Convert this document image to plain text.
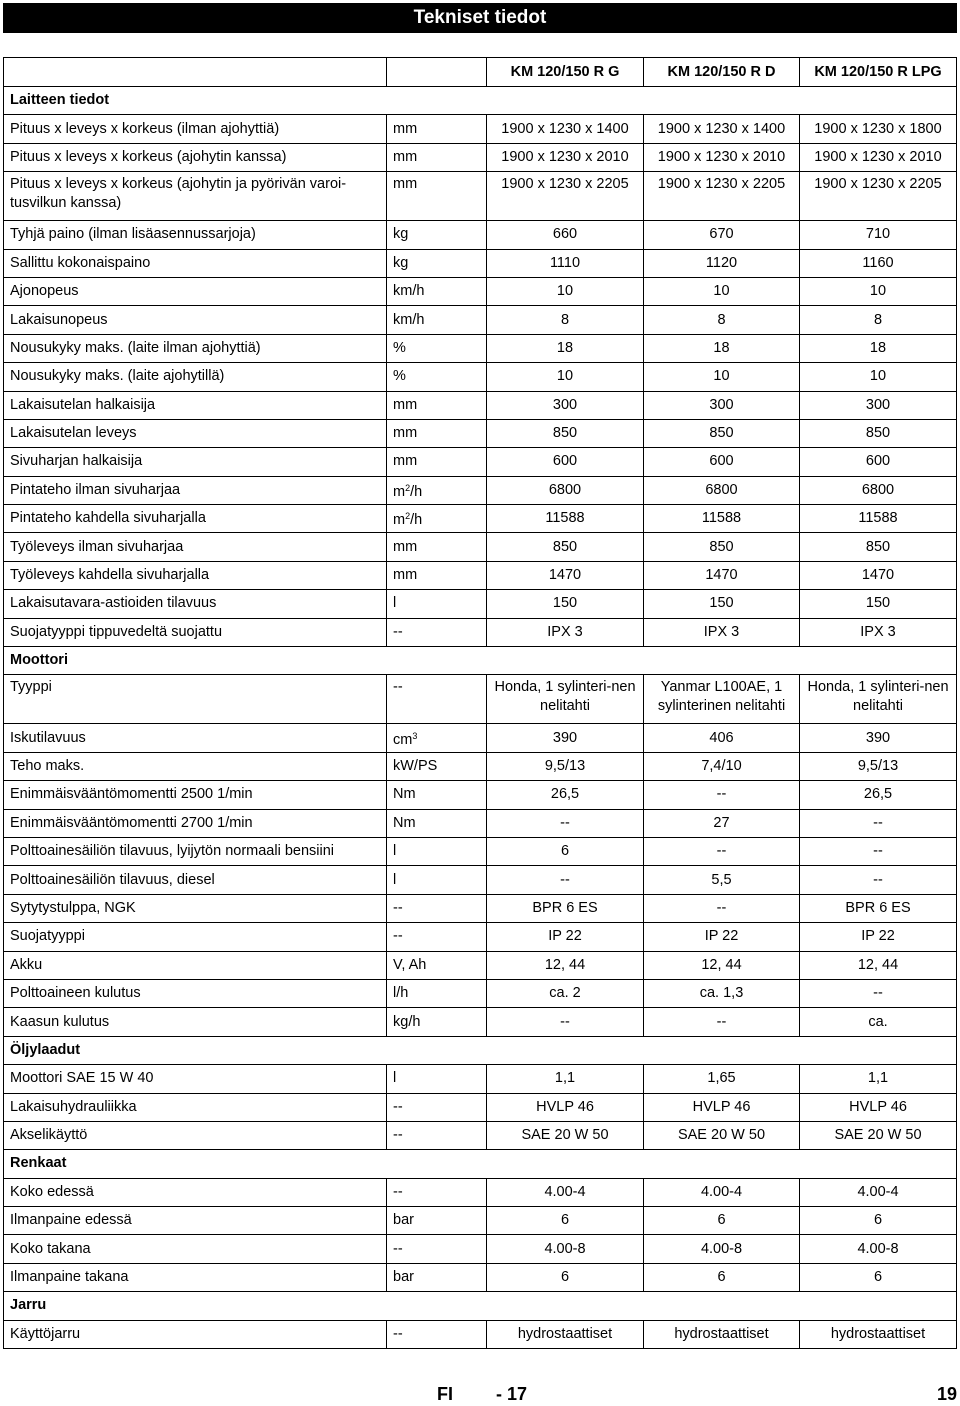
Tekniset tiedot
		KM 120/150 R G	KM 120/150 R D	KM 120/150 R LPG
Laitteen tiedot				
Pituus x leveys x korkeus (ilman ajohyttiä)	mm	1900 x 1230 x 1400	1900 x 1230 x 1400	1900 x 1230 x 1800
Pituus x leveys x korkeus (ajohytin kanssa)	mm	1900 x 1230 x 2010	1900 x 1230 x 2010	1900 x 1230 x 2010
Pituus x leveys x korkeus (ajohytin ja pyörivän varoi-tusvilkun kanssa)	mm	1900 x 1230 x 2205	1900 x 1230 x 2205	1900 x 1230 x 2205
Tyhjä paino (ilman lisäasennussarjoja)	kg	660	670	710
Sallittu kokonaispaino	kg	1110	1120	1160
Ajonopeus	km/h	10	10	10
Lakaisunopeus	km/h	8	8	8
Nousukyky maks. (laite ilman ajohyttiä)	%	18	18	18
Nousukyky maks. (laite ajohytillä)	%	10	10	10
Lakaisutelan halkaisija	mm	300	300	300
Lakaisutelan leveys	mm	850	850	850
Sivuharjan halkaisija	mm	600	600	600
Pintateho ilman sivuharjaa	$m^2/h$	6800	6800	6800
Pintateho kahdella sivuharjalla	$m^2/h$	11588	11588	11588
Työleveys ilman sivuharjaa	mm	850	850	850
Työleveys kahdella sivuharjalla	mm	1470	1470	1470
Lakaisutavara-astioiden tilavuus	l	150	150	150
Suojatyyppi tippuvedeltä suojattu	--	IPX 3	IPX 3	IPX 3
Moottori				
Tyyppi	--	Honda, 1 sylinteri-nen nelitahti	Yanmar L100AE, 1 sylinterinen nelitahti	Honda, 1 sylinteri-nen nelitahti
Iskutilavuus	$cm^3$	390	406	390
Teho maks.	kW/PS	9,5/13	7,4/10	9,5/13
Enimmäisvääntömomentti 2500 1/min	Nm	26,5	--	26,5
Enimmäisvääntömomentti 2700 1/min	Nm	--	27	--
Polttoainesäiliön tilavuus, lyijytön normaali bensiini	l	6	--	--
Polttoainesäiliön tilavuus, diesel	l	--	5,5	--
Sytytystulppa, NGK	--	BPR 6 ES	--	BPR 6 ES
Suojatyyppi	--	IP 22	IP 22	IP 22
Akku	V, Ah	12, 44	12, 44	12, 44
Polttoaineen kulutus	l/h	ca. 2	ca. 1,3	--
Kaasun kulutus	kg/h	--	--	ca.
Öljylaadut				
Moottori SAE 15 W 40	l	1,1	1,65	1,1
Lakaisuhydrauliikka	--	HVLP 46	HVLP 46	HVLP 46
Akselikäyttö	--	SAE 20 W 50	SAE 20 W 50	SAE 20 W 50
Renkaat				
Koko edessä	--	4.00-4	4.00-4	4.00-4
Ilmanpaine edessä	bar	6	6	6
Koko takana	--	4.00-8	4.00-8	4.00-8
Ilmanpaine takana	bar	6	6	6
Jarru				
Käyttöjarru	--	hydrostaattiset	hydrostaattiset	hydrostaattiset
FI - 17	19
